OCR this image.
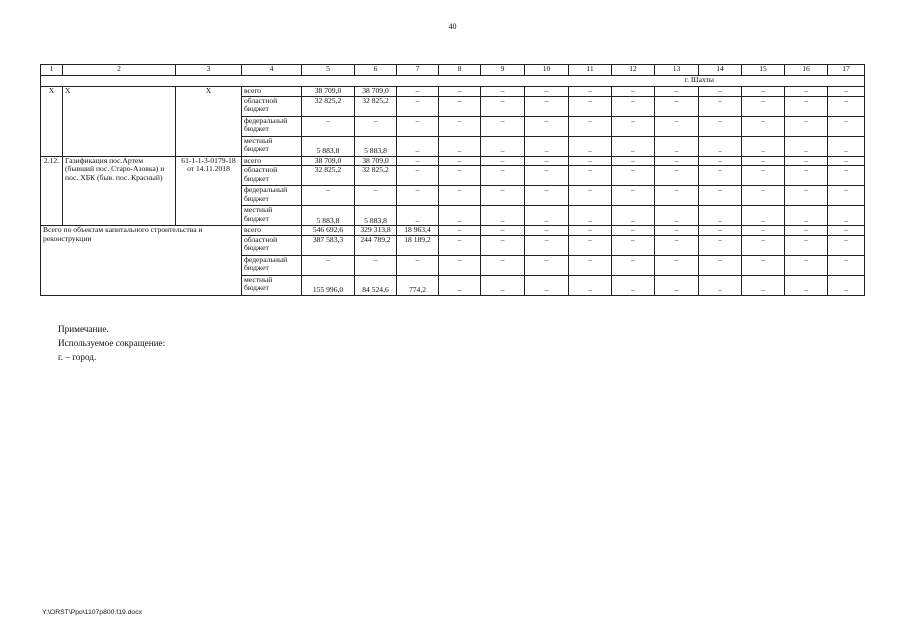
40
1	2	3	4	5	6	7	8	9	10	11	12	13	14	15	16	17
г. Шахты																
Х	Х	Х	всего	38 709,0	38 709,0	–	–	–	–	–	–	–	–	–	–	–
			областной бюджет	32 825,2	32 825,2	–	–	–	–	–	–	–	–	–	–	–
			федеральный бюджет	–	–	–	–	–	–	–	–	–	–	–	–	–
			местный бюджет	5 883,8	5 883,8	–	–	–	–	–	–	–	–	–	–	–
2.12.	Газификация пос.Артем (бывший пос. Старо-Азовка) и пос. ХБК (быв. пос. Красный)	61-1-1-3-0179-18 от 14.11.2018	всего	38 709,0	38 709,0	–	–	–	–	–	–	–	–	–	–	–
			областной бюджет	32 825,2	32 825,2	–	–	–	–	–	–	–	–	–	–	–
			федеральный бюджет	–	–	–	–	–	–	–	–	–	–	–	–	–
			местный бюджет	5 883,8	5 883,8	–	–	–	–	–	–	–	–	–	–	–
Всего по объектам капитального строительства и реконструкции			всего	546 692,6	329 313,8	18 963,4	–	–	–	–	–	–	–	–	–	–
			областной бюджет	387 583,3	244 789,2	18 189,2	–	–	–	–	–	–	–	–	–	–
			федеральный бюджет	–	–	–	–	–	–	–	–	–	–	–	–	–
			местный бюджет	155 996,0	84 524,6	774,2	–	–	–	–	–	–	–	–	–	–
Примечание.
Используемое сокращение:
г. – город.
Y:\ORST\Ppo\1107p800.f19.docx
